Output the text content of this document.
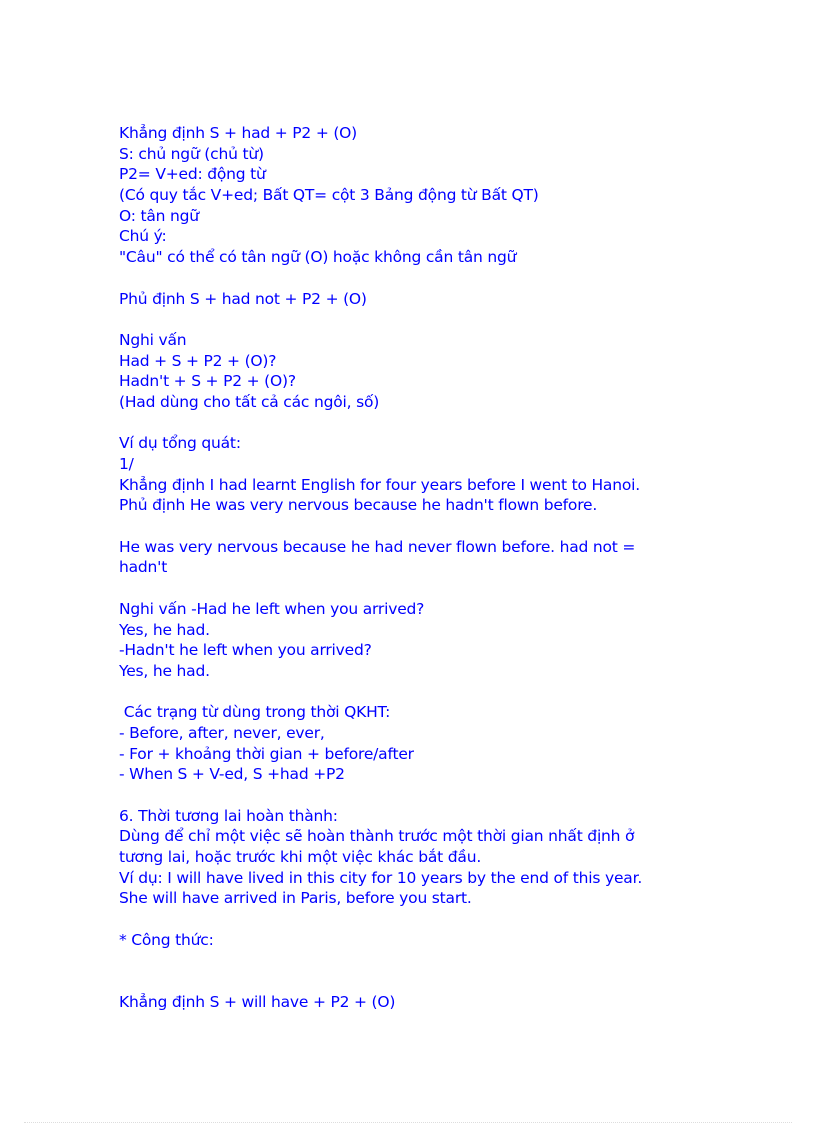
Khẳng định S + had + P2 + (O)
S: chủ ngữ (chủ từ)
P2= V+ed: động từ
(Có quy tắc V+ed; Bất QT= cột 3 Bảng động từ Bất QT)
O: tân ngữ
Chú ý:
"Câu" có thể có tân ngữ (O) hoặc không cần tân ngữ
Phủ định S + had not + P2 + (O)
Nghi vấn
Had + S + P2 + (O)?
Hadn't + S + P2 + (O)?
(Had dùng cho tất cả các ngôi, số)
Ví dụ tổng quát:
1/
Khẳng định I had learnt English for four years before I went to Hanoi.
Phủ định He was very nervous because he hadn't flown before.
He was very nervous because he had never flown before. had not =
hadn't
Nghi vấn -Had he left when you arrived?
Yes, he had.
-Hadn't he left when you arrived?
Yes, he had.
Các trạng từ dùng trong thời QKHT:
- Before, after, never, ever,
- For + khoảng thời gian + before/after
- When S + V-ed, S +had +P2
6. Thời tương lai hoàn thành:
Dùng để chỉ một việc sẽ hoàn thành trước một thời gian nhất định ở
tương lai, hoặc trước khi một việc khác bắt đầu.
Ví dụ: I will have lived in this city for 10 years by the end of this year.
She will have arrived in Paris, before you start.
* Công thức:
Khẳng định S + will have + P2 + (O)
